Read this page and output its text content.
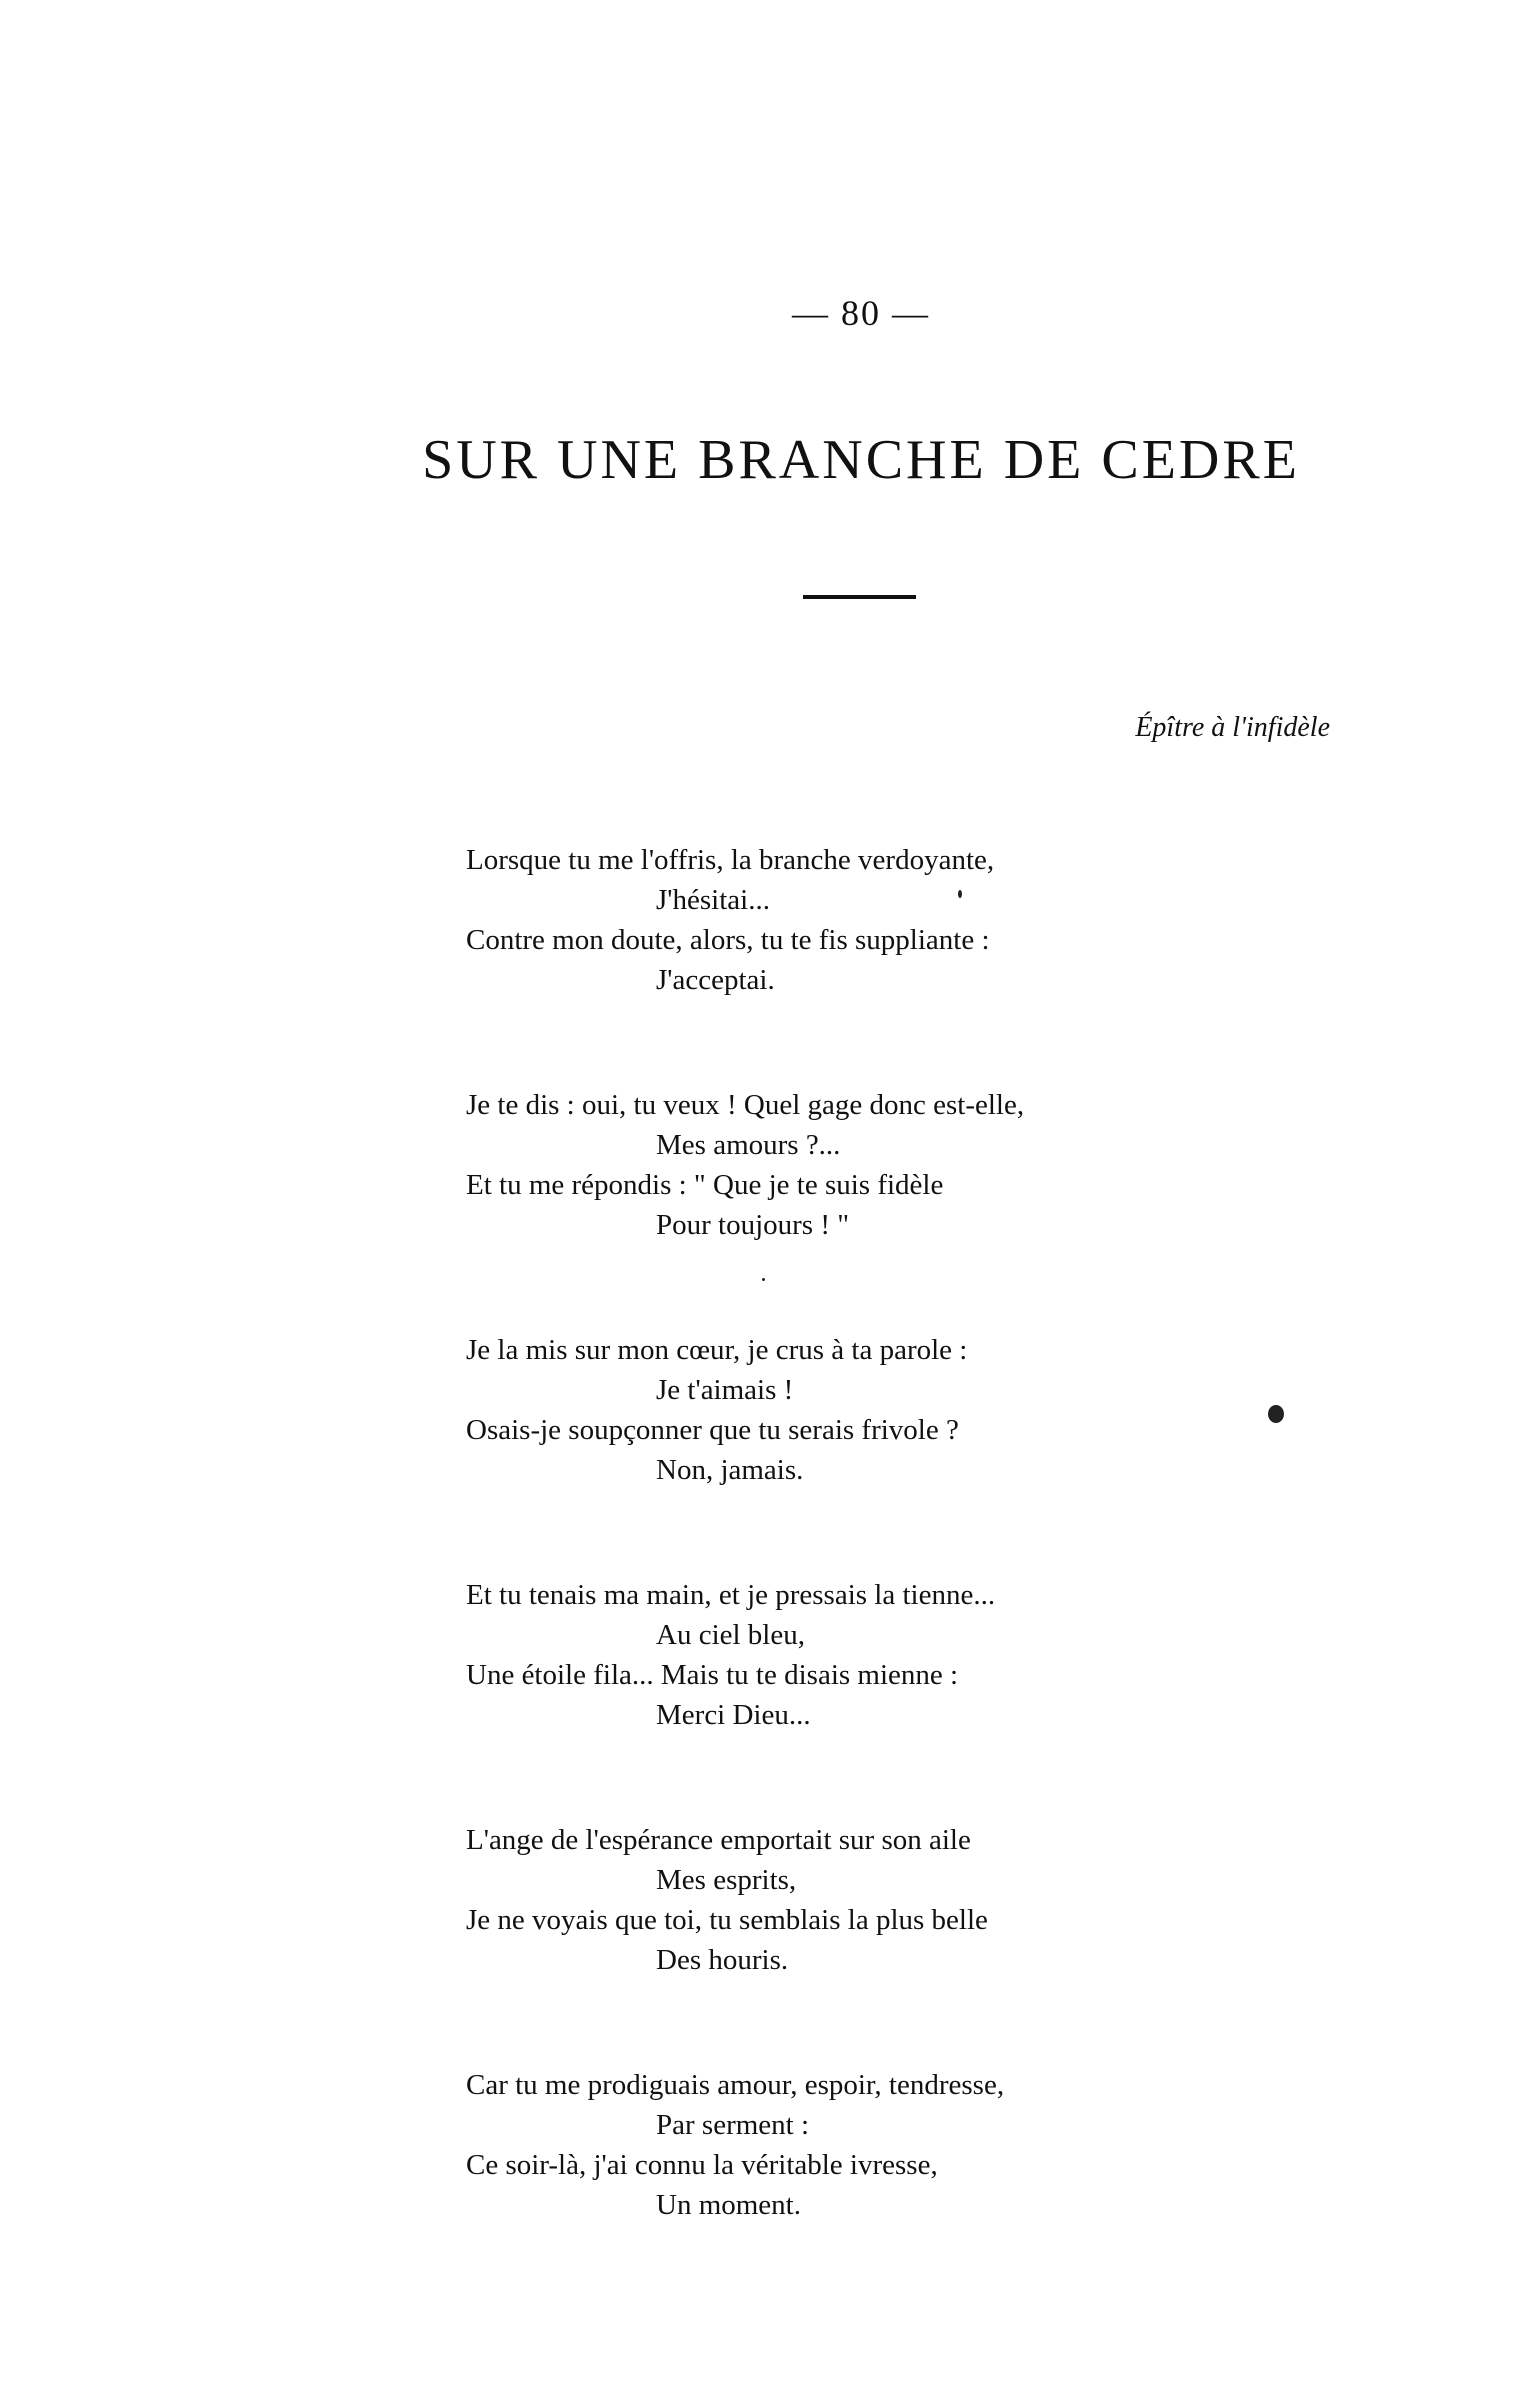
— 80 —
SUR UNE BRANCHE DE CEDRE
Épître à l'infidèle
Lorsque tu me l'offris, la branche verdoyante,
J'hésitai...
Contre mon doute, alors, tu te fis suppliante :
J'acceptai.
Je te dis : oui, tu veux ! Quel gage donc est-elle,
Mes amours ?...
Et tu me répondis : " Que je te suis fidèle
Pour toujours ! "
Je la mis sur mon cœur, je crus à ta parole :
Je t'aimais !
Osais-je soupçonner que tu serais frivole ?
Non, jamais.
Et tu tenais ma main, et je pressais la tienne...
Au ciel bleu,
Une étoile fila... Mais tu te disais mienne :
Merci Dieu...
L'ange de l'espérance emportait sur son aile
Mes esprits,
Je ne voyais que toi, tu semblais la plus belle
Des houris.
Car tu me prodiguais amour, espoir, tendresse,
Par serment :
Ce soir-là, j'ai connu la véritable ivresse,
Un moment.
